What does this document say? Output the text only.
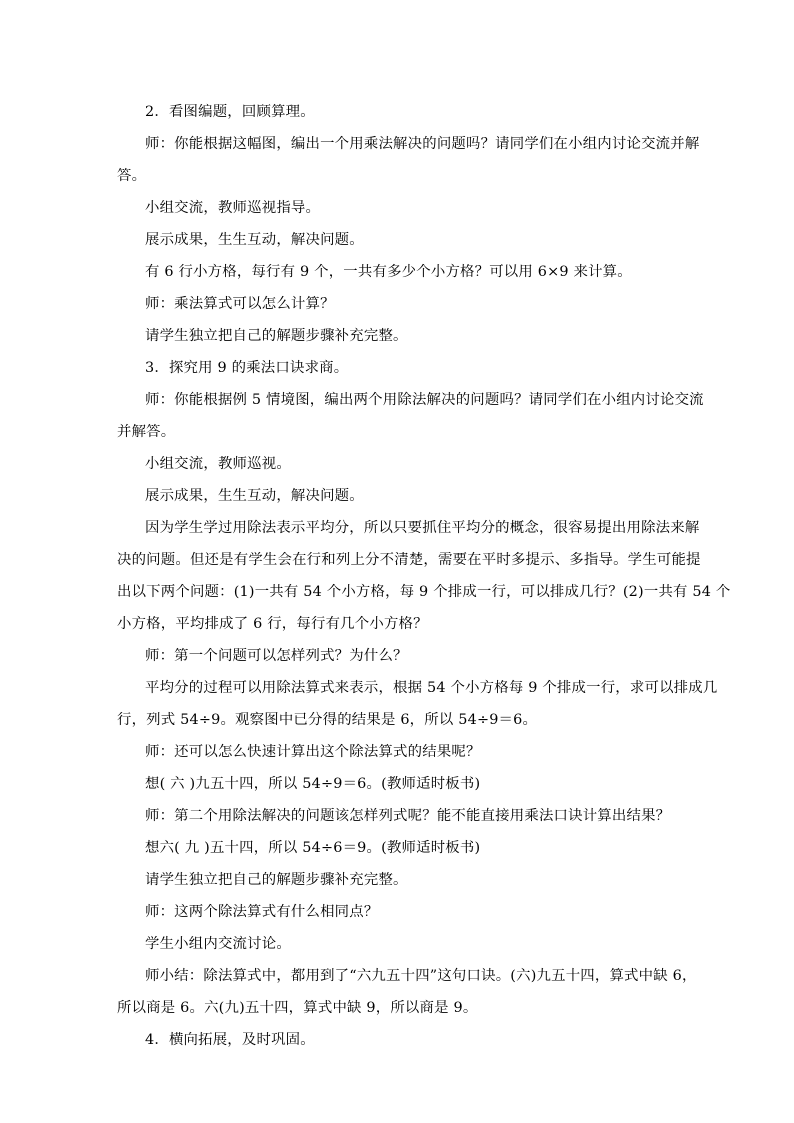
2．看图编题，回顾算理。
师：你能根据这幅图，编出一个用乘法解决的问题吗？请同学们在小组内讨论交流并解
答。
小组交流，教师巡视指导。
展示成果，生生互动，解决问题。
有 6 行小方格，每行有 9 个，一共有多少个小方格？可以用 6×9 来计算。
师：乘法算式可以怎么计算？
请学生独立把自己的解题步骤补充完整。
3．探究用 9 的乘法口诀求商。
师：你能根据例 5 情境图，编出两个用除法解决的问题吗？请同学们在小组内讨论交流
并解答。
小组交流，教师巡视。
展示成果，生生互动，解决问题。
因为学生学过用除法表示平均分，所以只要抓住平均分的概念，很容易提出用除法来解
决的问题。但还是有学生会在行和列上分不清楚，需要在平时多提示、多指导。学生可能提
出以下两个问题：(1)一共有 54 个小方格，每 9 个排成一行，可以排成几行？(2)一共有 54 个
小方格，平均排成了 6 行，每行有几个小方格？
师：第一个问题可以怎样列式？为什么？
平均分的过程可以用除法算式来表示，根据 54 个小方格每 9 个排成一行，求可以排成几
行，列式 54÷9。观察图中已分得的结果是 6，所以 54÷9＝6。
师：还可以怎么快速计算出这个除法算式的结果呢？
想( 六 )九五十四，所以 54÷9＝6。(教师适时板书)
师：第二个用除法解决的问题该怎样列式呢？能不能直接用乘法口诀计算出结果？
想六( 九 )五十四，所以 54÷6＝9。(教师适时板书)
请学生独立把自己的解题步骤补充完整。
师：这两个除法算式有什么相同点？
学生小组内交流讨论。
师小结：除法算式中，都用到了“六九五十四”这句口诀。(六)九五十四，算式中缺 6，
所以商是 6。六(九)五十四，算式中缺 9，所以商是 9。
4．横向拓展，及时巩固。
